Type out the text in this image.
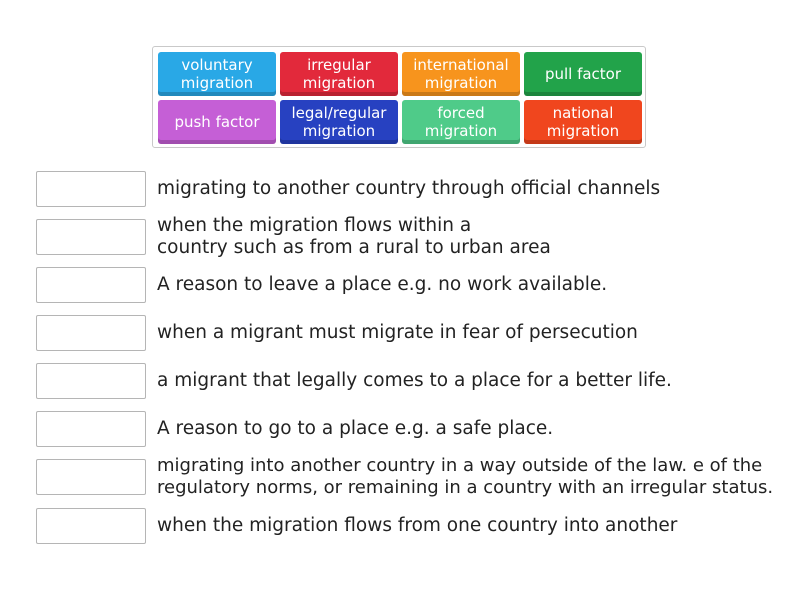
voluntary
migration
irregular
migration
international
migration	pull factor
push factor legal/regular
migration
forced
migration
national
migration
migrating to another country through official channels
when the migration flows within a
country such as from a rural to urban area
A reason to leave a place e.g. no work available.
when a migrant must migrate in fear of persecution
a migrant that legally comes to a place for a better life.
A reason to go to a place e.g. a safe place.
migrating into another country in a way outside of the law. e of the
regulatory norms, or remaining in a country with an irregular status.
when the migration flows from one country into another
